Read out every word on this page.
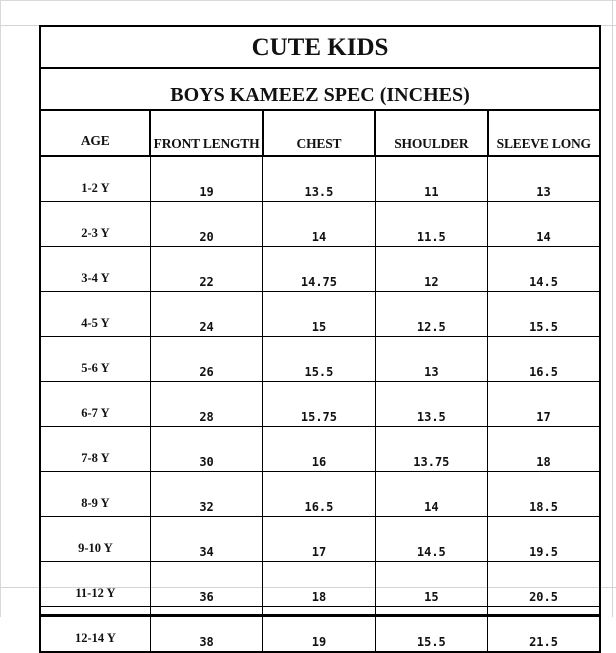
CUTE KIDS				
BOYS KAMEEZ SPEC (INCHES)				
AGE	FRONT LENGTH	CHEST	SHOULDER	SLEEVE LONG
1-2 Y	19	13.5	11	13
2-3 Y	20	14	11.5	14
3-4 Y	22	14.75	12	14.5
4-5 Y	24	15	12.5	15.5
5-6 Y	26	15.5	13	16.5
6-7 Y	28	15.75	13.5	17
7-8 Y	30	16	13.75	18
8-9 Y	32	16.5	14	18.5
9-10 Y	34	17	14.5	19.5
11-12 Y	36	18	15	20.5
12-14 Y	38	19	15.5	21.5
